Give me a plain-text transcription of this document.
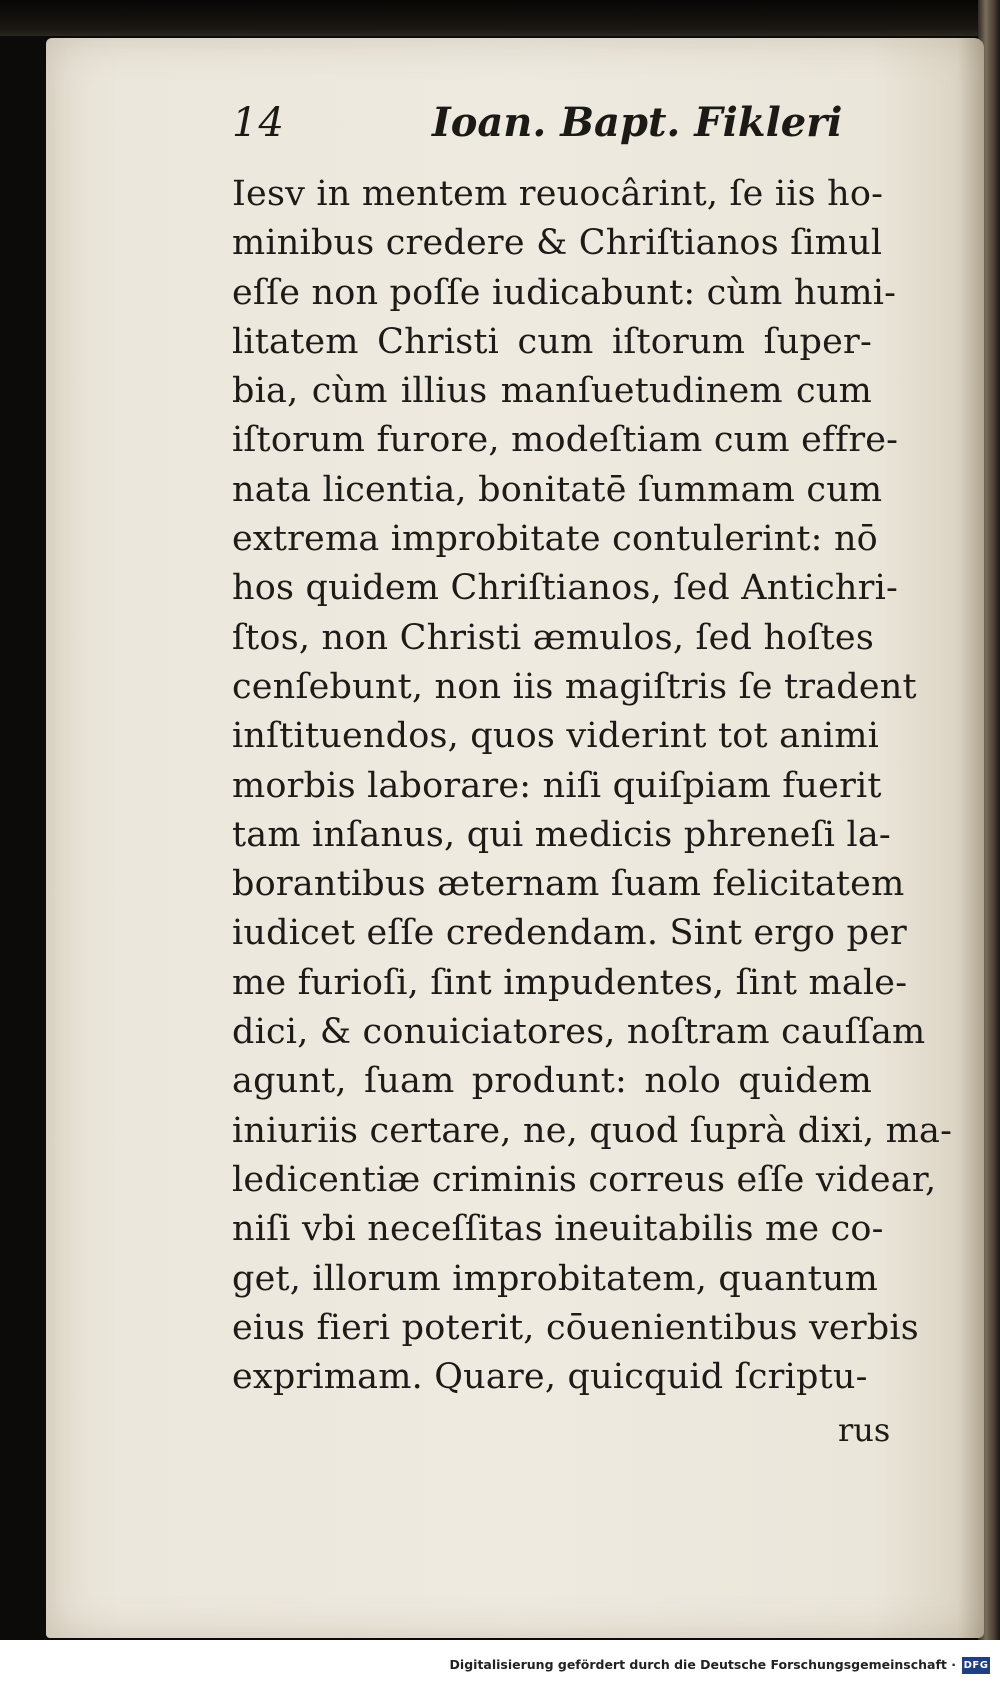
14	Ioan. Bapt. Fikleri
Iesv in mentem reuocârint, ſe iis ho-
minibus credere & Chriſtianos ſimul
eſſe non poſſe iudicabunt: cùm humi-
litatem Christi cum iſtorum ſuper-
bia, cùm illius manſuetudinem cum
iſtorum furore, modeſtiam cum effre-
nata licentia, bonitatē ſummam cum
extrema improbitate contulerint: nō
hos quidem Chriſtianos, ſed Antichri-
ſtos, non Christi æmulos, ſed hoſtes
cenſebunt, non iis magiſtris ſe tradent
inſtituendos, quos viderint tot animi
morbis laborare: niſi quiſpiam fuerit
tam inſanus, qui medicis phreneſi la-
borantibus æternam ſuam felicitatem
iudicet eſſe credendam. Sint ergo per
me furioſi, ſint impudentes, ſint male-
dici, & conuiciatores, noſtram cauſſam
agunt, ſuam produnt: nolo quidem
iniuriis certare, ne, quod ſuprà dixi, ma-
ledicentiæ criminis correus eſſe videar,
niſi vbi neceſſitas ineuitabilis me co-
get, illorum improbitatem, quantum
eius fieri poterit, cōuenientibus verbis
exprimam. Quare, quicquid ſcriptu-
rus
Digitalisierung gefördert durch die Deutsche Forschungsgemeinschaft · DFG
